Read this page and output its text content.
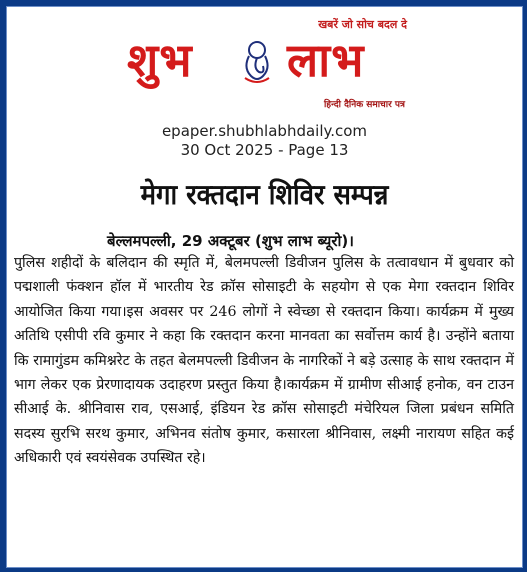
खबरें जो सोच बदल दे
शुभ लाभ
हिन्दी दैनिक समाचार पत्र
epaper.shubhlabhdaily.com
30 Oct 2025 - Page 13
मेगा रक्तदान शिविर सम्पन्न
बेल्लमपल्ली, 29 अक्टूबर (शुभ लाभ ब्यूरो)।
पुलिस शहीदों के बलिदान की स्मृति में, बेलमपल्ली डिवीजन पुलिस के तत्वावधान में बुधवार को पद्मशाली फंक्शन हॉल में भारतीय रेड क्रॉस सोसाइटी के सहयोग से एक मेगा रक्तदान शिविर आयोजित किया गया।इस अवसर पर 246 लोगों ने स्वेच्छा से रक्तदान किया। कार्यक्रम में मुख्य अतिथि एसीपी रवि कुमार ने कहा कि रक्तदान करना मानवता का सर्वोत्तम कार्य है। उन्होंने बताया कि रामागुंडम कमिश्नरेट के तहत बेलमपल्ली डिवीजन के नागरिकों ने बड़े उत्साह के साथ रक्तदान में भाग लेकर एक प्रेरणादायक उदाहरण प्रस्तुत किया है।कार्यक्रम में ग्रामीण सीआई हनोक, वन टाउन सीआई के. श्रीनिवास राव, एसआई, इंडियन रेड क्रॉस सोसाइटी मंचेरियल जिला प्रबंधन समिति सदस्य सुरभि सरथ कुमार, अभिनव संतोष कुमार, कसारला श्रीनिवास, लक्ष्मी नारायण सहित कई अधिकारी एवं स्वयंसेवक उपस्थित रहे।
